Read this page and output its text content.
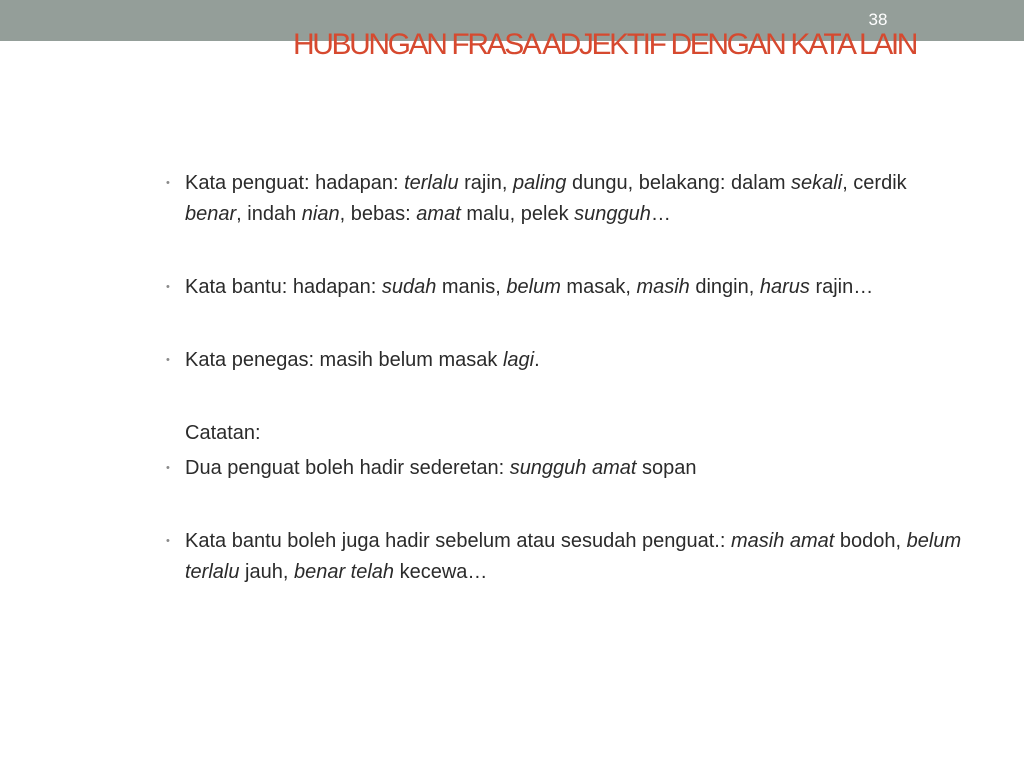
38
HUBUNGAN FRASA ADJEKTIF DENGAN KATA LAIN

• Kata penguat: hadapan: terlalu rajin, paling dungu, belakang: dalam sekali, cerdik benar, indah nian, bebas: amat malu, pelek sungguh…

• Kata bantu: hadapan: sudah manis, belum masak, masih dingin, harus rajin…

• Kata penegas: masih belum masak lagi.

Catatan:

• Dua penguat boleh hadir sederetan: sungguh amat sopan

• Kata bantu boleh juga hadir sebelum atau sesudah penguat.: masih amat bodoh, belum terlalu jauh, benar telah kecewa…
